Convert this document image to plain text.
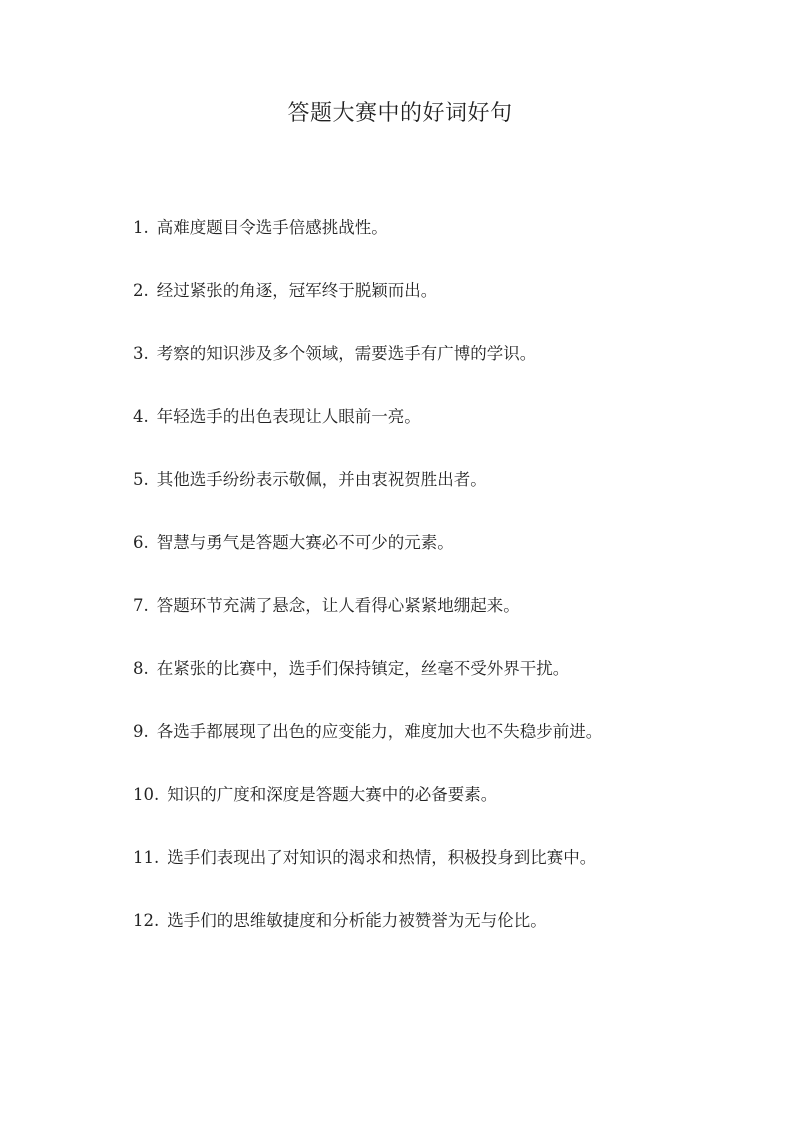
答题大赛中的好词好句
1. 高难度题目令选手倍感挑战性。
2. 经过紧张的角逐，冠军终于脱颖而出。
3. 考察的知识涉及多个领域，需要选手有广博的学识。
4. 年轻选手的出色表现让人眼前一亮。
5. 其他选手纷纷表示敬佩，并由衷祝贺胜出者。
6. 智慧与勇气是答题大赛必不可少的元素。
7. 答题环节充满了悬念，让人看得心紧紧地绷起来。
8. 在紧张的比赛中，选手们保持镇定，丝毫不受外界干扰。
9. 各选手都展现了出色的应变能力，难度加大也不失稳步前进。
10. 知识的广度和深度是答题大赛中的必备要素。
11. 选手们表现出了对知识的渴求和热情，积极投身到比赛中。
12. 选手们的思维敏捷度和分析能力被赞誉为无与伦比。
